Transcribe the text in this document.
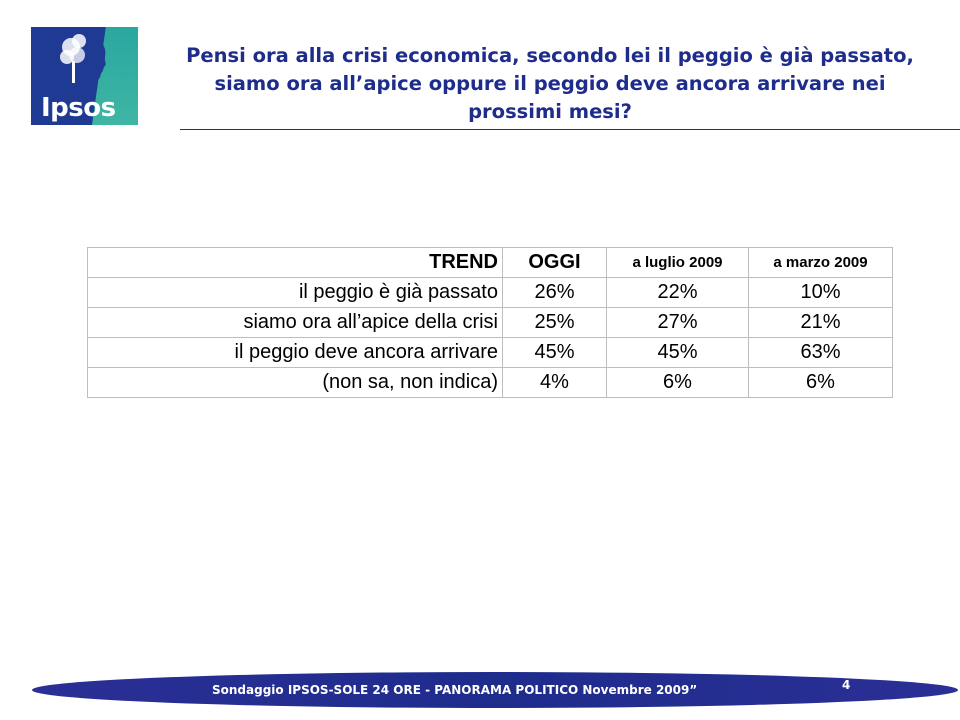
Ipsos
Pensi ora alla crisi economica, secondo lei il peggio è già passato,
siamo ora all’apice oppure il peggio deve ancora arrivare nei
prossimi mesi?
TREND	OGGI	a luglio 2009	a marzo 2009
il peggio è già passato	26%	22%	10%
siamo ora all’apice della crisi	25%	27%	21%
il peggio deve ancora arrivare	45%	45%	63%
(non sa, non indica)	4%	6%	6%
Sondaggio IPSOS-SOLE 24 ORE - PANORAMA POLITICO Novembre 2009”	4
